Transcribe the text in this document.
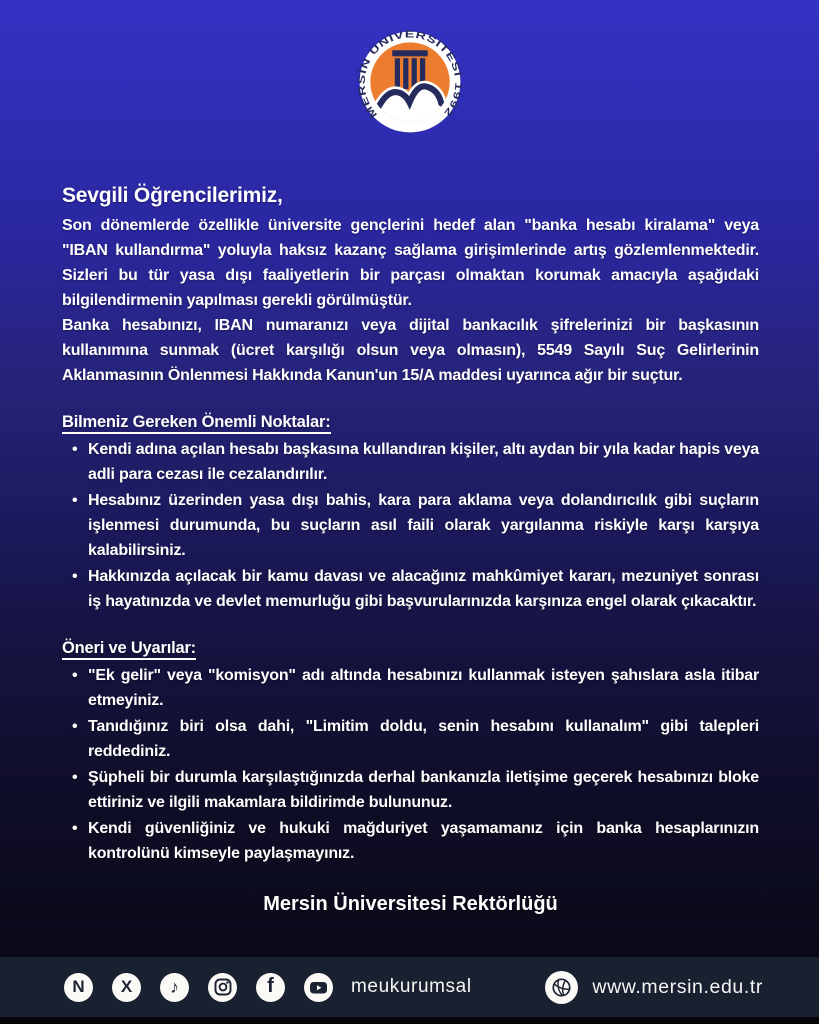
MERSİN ÜNİVERSİTESİ 1992
Sevgili Öğrencilerimiz,

Son dönemlerde özellikle üniversite gençlerini hedef alan "banka hesabı kiralama" veya "IBAN kullandırma" yoluyla haksız kazanç sağlama girişimlerinde artış gözlemlenmektedir. Sizleri bu tür yasa dışı faaliyetlerin bir parçası olmaktan korumak amacıyla aşağıdaki bilgilendirmenin yapılması gerekli görülmüştür.

Banka hesabınızı, IBAN numaranızı veya dijital bankacılık şifrelerinizi bir başkasının kullanımına sunmak (ücret karşılığı olsun veya olmasın), 5549 Sayılı Suç Gelirlerinin Aklanmasının Önlenmesi Hakkında Kanun'un 15/A maddesi uyarınca ağır bir suçtur.

Bilmeniz Gereken Önemli Noktalar:
• Kendi adına açılan hesabı başkasına kullandıran kişiler, altı aydan bir yıla kadar hapis veya adli para cezası ile cezalandırılır.
• Hesabınız üzerinden yasa dışı bahis, kara para aklama veya dolandırıcılık gibi suçların işlenmesi durumunda, bu suçların asıl faili olarak yargılanma riskiyle karşı karşıya kalabilirsiniz.
• Hakkınızda açılacak bir kamu davası ve alacağınız mahkûmiyet kararı, mezuniyet sonrası iş hayatınızda ve devlet memurluğu gibi başvurularınızda karşınıza engel olarak çıkacaktır.
Öneri ve Uyarılar:
• "Ek gelir" veya "komisyon" adı altında hesabınızı kullanmak isteyen şahıslara asla itibar etmeyiniz.
• Tanıdığınız biri olsa dahi, "Limitim doldu, senin hesabını kullanalım" gibi talepleri reddediniz.
• Şüpheli bir durumla karşılaştığınızda derhal bankanızla iletişime geçerek hesabınızı bloke ettiriniz ve ilgili makamlara bildirimde bulununuz.
• Kendi güvenliğiniz ve hukuki mağduriyet yaşamamanız için banka hesaplarınızın kontrolünü kimseyle paylaşmayınız.
Mersin Üniversitesi Rektörlüğü
N X ♪	f	meukurumsal	www.mersin.edu.tr
